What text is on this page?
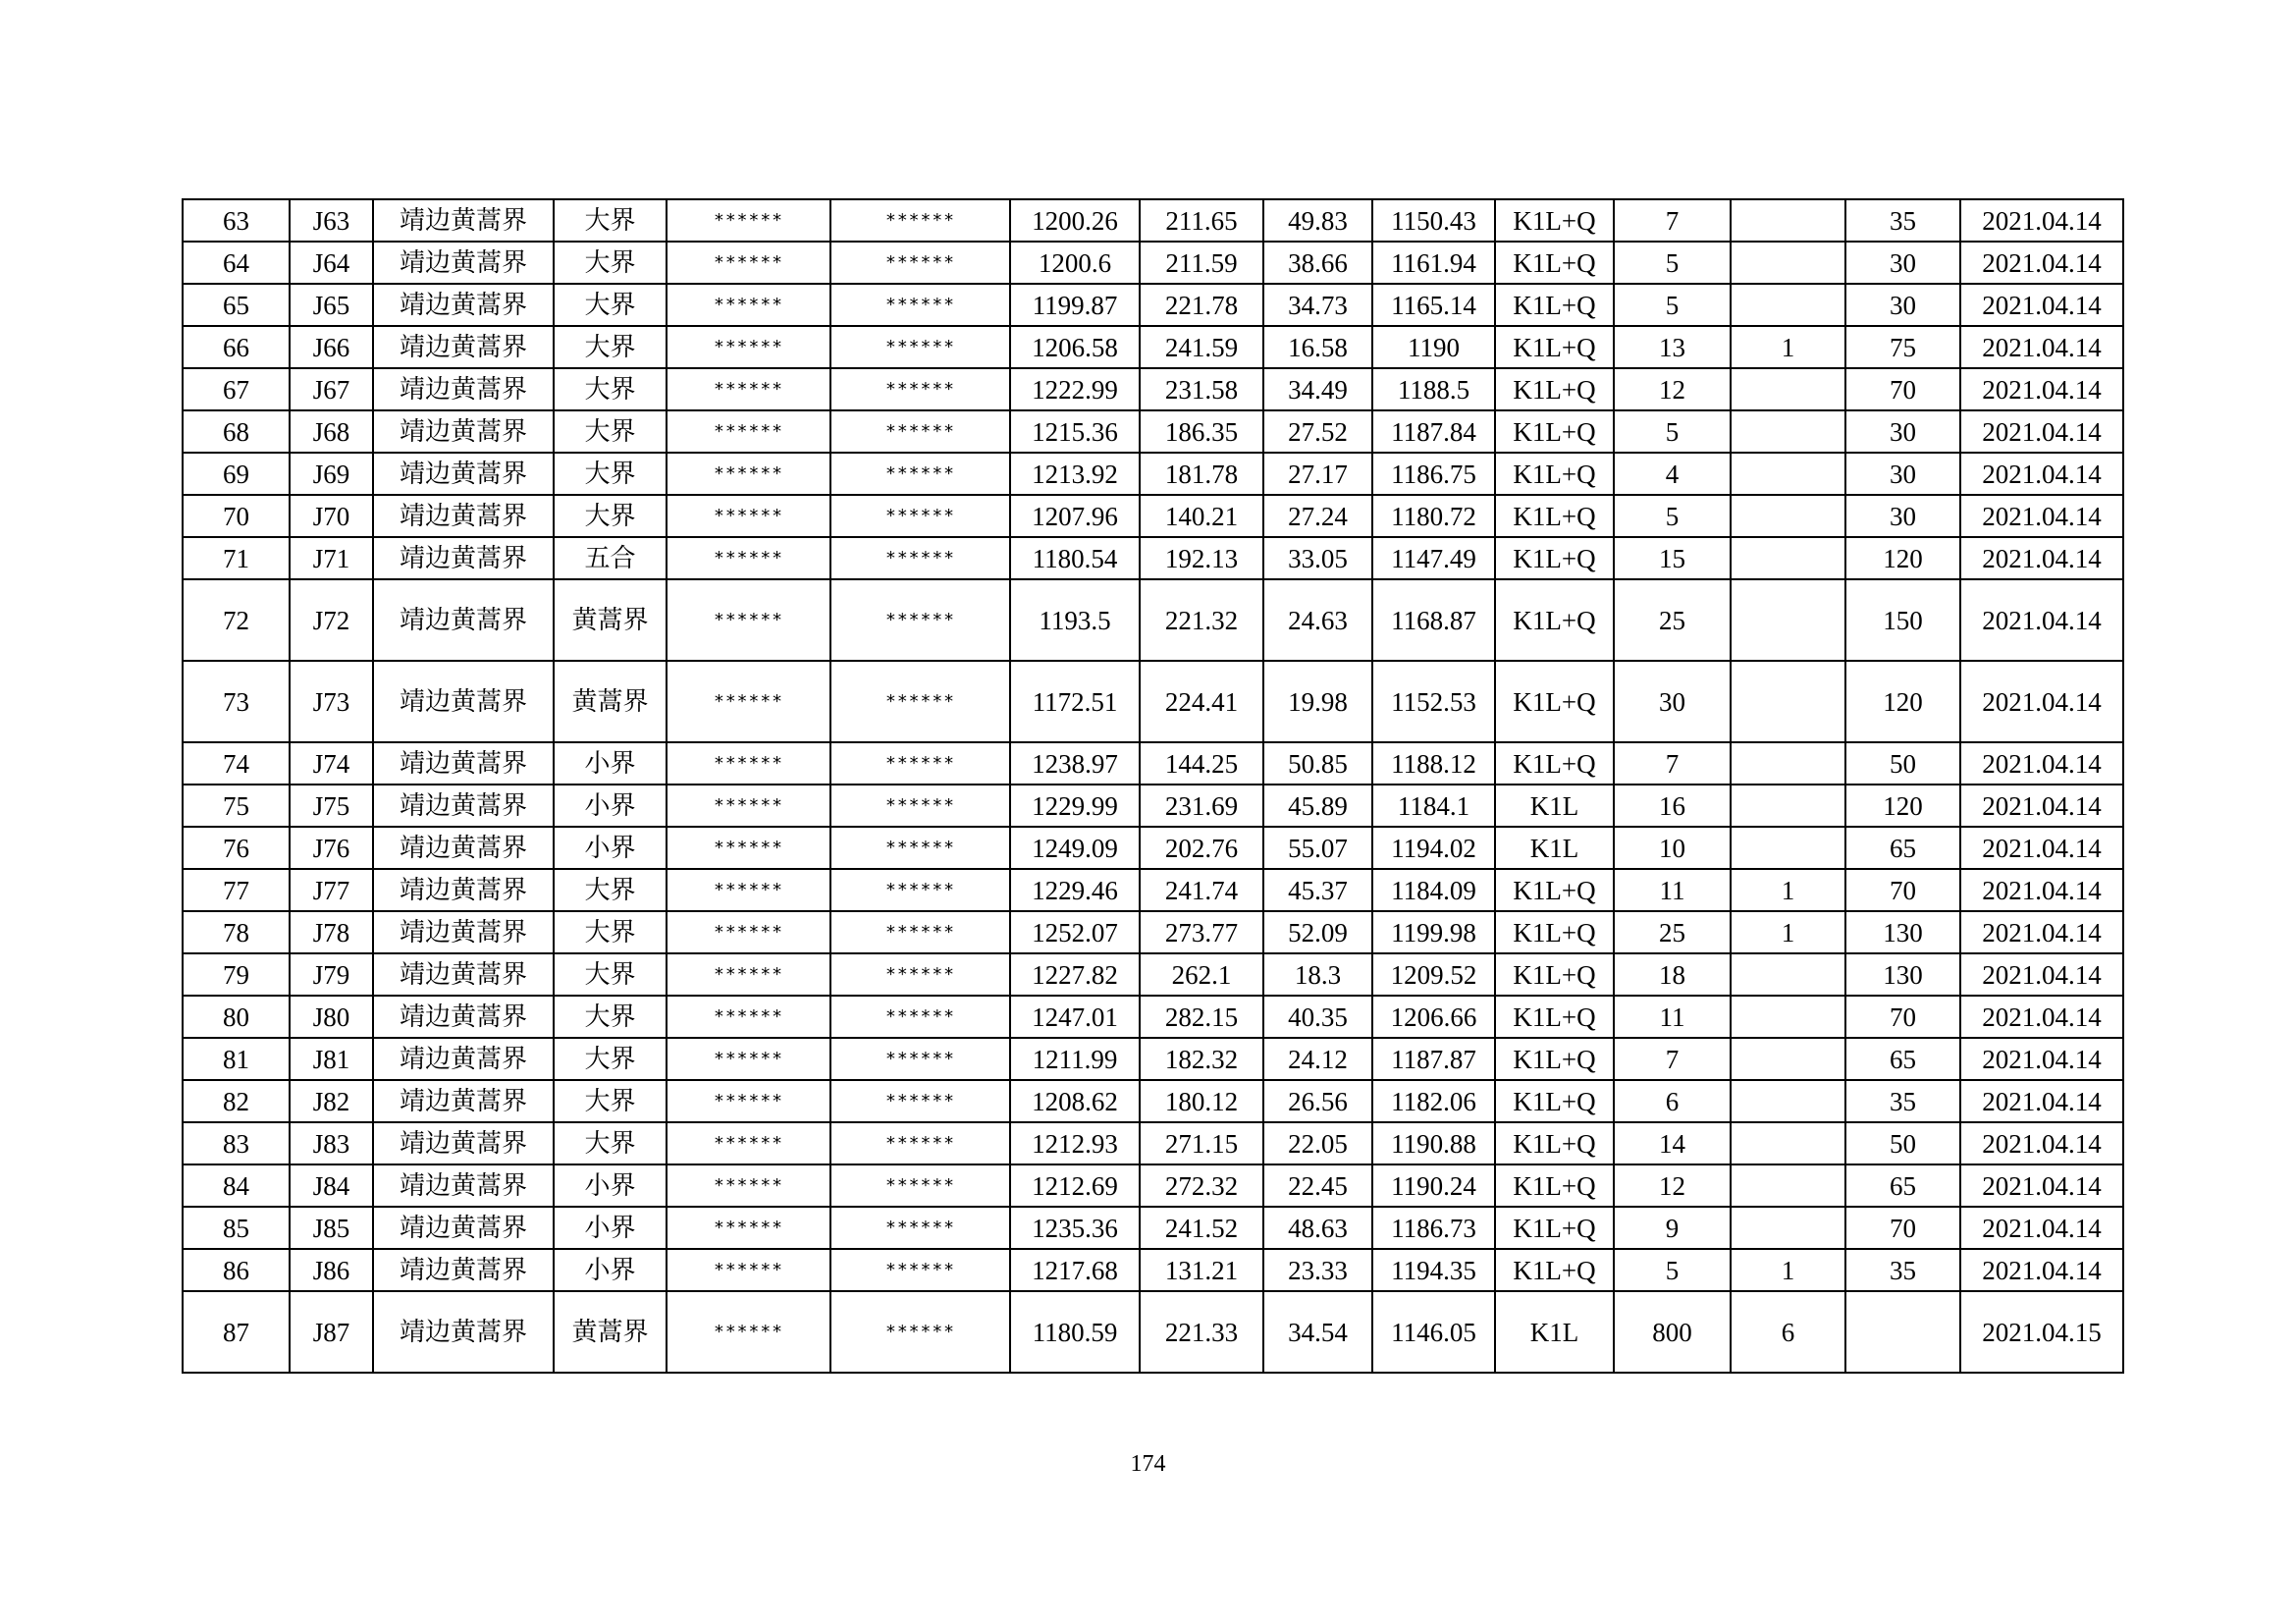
63	J63	靖边黄蒿界	大界	******	******	1200.26	211.65	49.83	1150.43	K1L+Q	7		35	2021.04.14
64	J64	靖边黄蒿界	大界	******	******	1200.6	211.59	38.66	1161.94	K1L+Q	5		30	2021.04.14
65	J65	靖边黄蒿界	大界	******	******	1199.87	221.78	34.73	1165.14	K1L+Q	5		30	2021.04.14
66	J66	靖边黄蒿界	大界	******	******	1206.58	241.59	16.58	1190	K1L+Q	13	1	75	2021.04.14
67	J67	靖边黄蒿界	大界	******	******	1222.99	231.58	34.49	1188.5	K1L+Q	12		70	2021.04.14
68	J68	靖边黄蒿界	大界	******	******	1215.36	186.35	27.52	1187.84	K1L+Q	5		30	2021.04.14
69	J69	靖边黄蒿界	大界	******	******	1213.92	181.78	27.17	1186.75	K1L+Q	4		30	2021.04.14
70	J70	靖边黄蒿界	大界	******	******	1207.96	140.21	27.24	1180.72	K1L+Q	5		30	2021.04.14
71	J71	靖边黄蒿界	五合	******	******	1180.54	192.13	33.05	1147.49	K1L+Q	15		120	2021.04.14
72	J72	靖边黄蒿界	黄蒿界	******	******	1193.5	221.32	24.63	1168.87	K1L+Q	25		150	2021.04.14
73	J73	靖边黄蒿界	黄蒿界	******	******	1172.51	224.41	19.98	1152.53	K1L+Q	30		120	2021.04.14
74	J74	靖边黄蒿界	小界	******	******	1238.97	144.25	50.85	1188.12	K1L+Q	7		50	2021.04.14
75	J75	靖边黄蒿界	小界	******	******	1229.99	231.69	45.89	1184.1	K1L	16		120	2021.04.14
76	J76	靖边黄蒿界	小界	******	******	1249.09	202.76	55.07	1194.02	K1L	10		65	2021.04.14
77	J77	靖边黄蒿界	大界	******	******	1229.46	241.74	45.37	1184.09	K1L+Q	11	1	70	2021.04.14
78	J78	靖边黄蒿界	大界	******	******	1252.07	273.77	52.09	1199.98	K1L+Q	25	1	130	2021.04.14
79	J79	靖边黄蒿界	大界	******	******	1227.82	262.1	18.3	1209.52	K1L+Q	18		130	2021.04.14
80	J80	靖边黄蒿界	大界	******	******	1247.01	282.15	40.35	1206.66	K1L+Q	11		70	2021.04.14
81	J81	靖边黄蒿界	大界	******	******	1211.99	182.32	24.12	1187.87	K1L+Q	7		65	2021.04.14
82	J82	靖边黄蒿界	大界	******	******	1208.62	180.12	26.56	1182.06	K1L+Q	6		35	2021.04.14
83	J83	靖边黄蒿界	大界	******	******	1212.93	271.15	22.05	1190.88	K1L+Q	14		50	2021.04.14
84	J84	靖边黄蒿界	小界	******	******	1212.69	272.32	22.45	1190.24	K1L+Q	12		65	2021.04.14
85	J85	靖边黄蒿界	小界	******	******	1235.36	241.52	48.63	1186.73	K1L+Q	9		70	2021.04.14
86	J86	靖边黄蒿界	小界	******	******	1217.68	131.21	23.33	1194.35	K1L+Q	5	1	35	2021.04.14
87	J87	靖边黄蒿界	黄蒿界	******	******	1180.59	221.33	34.54	1146.05	K1L	800	6		2021.04.15
174
